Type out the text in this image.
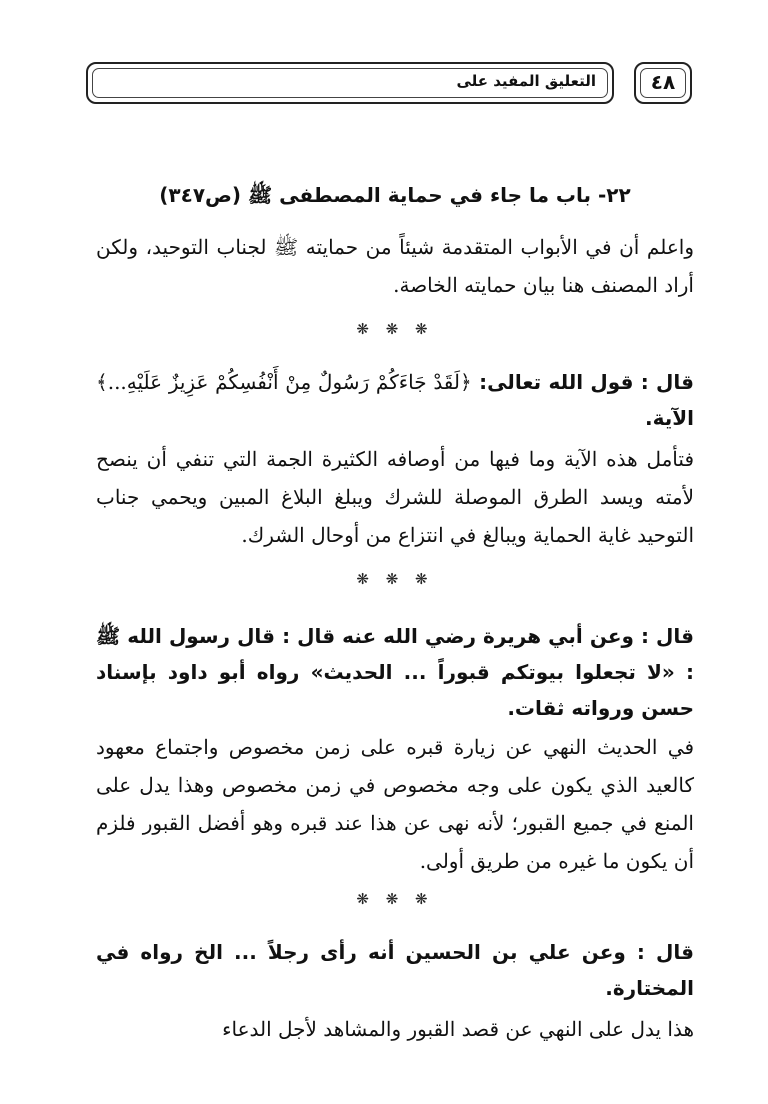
التعليق المفيد على	٤٨
٢٢- باب ما جاء في حماية المصطفى ﷺ (ص٣٤٧)
واعلم أن في الأبواب المتقدمة شيئاً من حمايته ﷺ لجناب التوحيد، ولكن أراد المصنف هنا بيان حمايته الخاصة.
❋ ❋ ❋
قال : قول الله تعالى: ﴿لَقَدْ جَاءَكُمْ رَسُولٌ مِنْ أَنْفُسِكُمْ عَزِيزٌ عَلَيْهِ...﴾ الآية.
فتأمل هذه الآية وما فيها من أوصافه الكثيرة الجمة التي تنفي أن ينصح لأمته ويسد الطرق الموصلة للشرك ويبلغ البلاغ المبين ويحمي جناب التوحيد غاية الحماية ويبالغ في انتزاع من أوحال الشرك.
❋ ❋ ❋
قال : وعن أبي هريرة رضي الله عنه قال : قال رسول الله ﷺ : «لا تجعلوا بيوتكم قبوراً ... الحديث» رواه أبو داود بإسناد حسن ورواته ثقات.
في الحديث النهي عن زيارة قبره على زمن مخصوص واجتماع معهود كالعيد الذي يكون على وجه مخصوص في زمن مخصوص وهذا يدل على المنع في جميع القبور؛ لأنه نهى عن هذا عند قبره وهو أفضل القبور فلزم أن يكون ما غيره من طريق أولى.
❋ ❋ ❋
قال : وعن علي بن الحسين أنه رأى رجلاً ... الخ رواه في المختارة.
هذا يدل على النهي عن قصد القبور والمشاهد لأجل الدعاء
